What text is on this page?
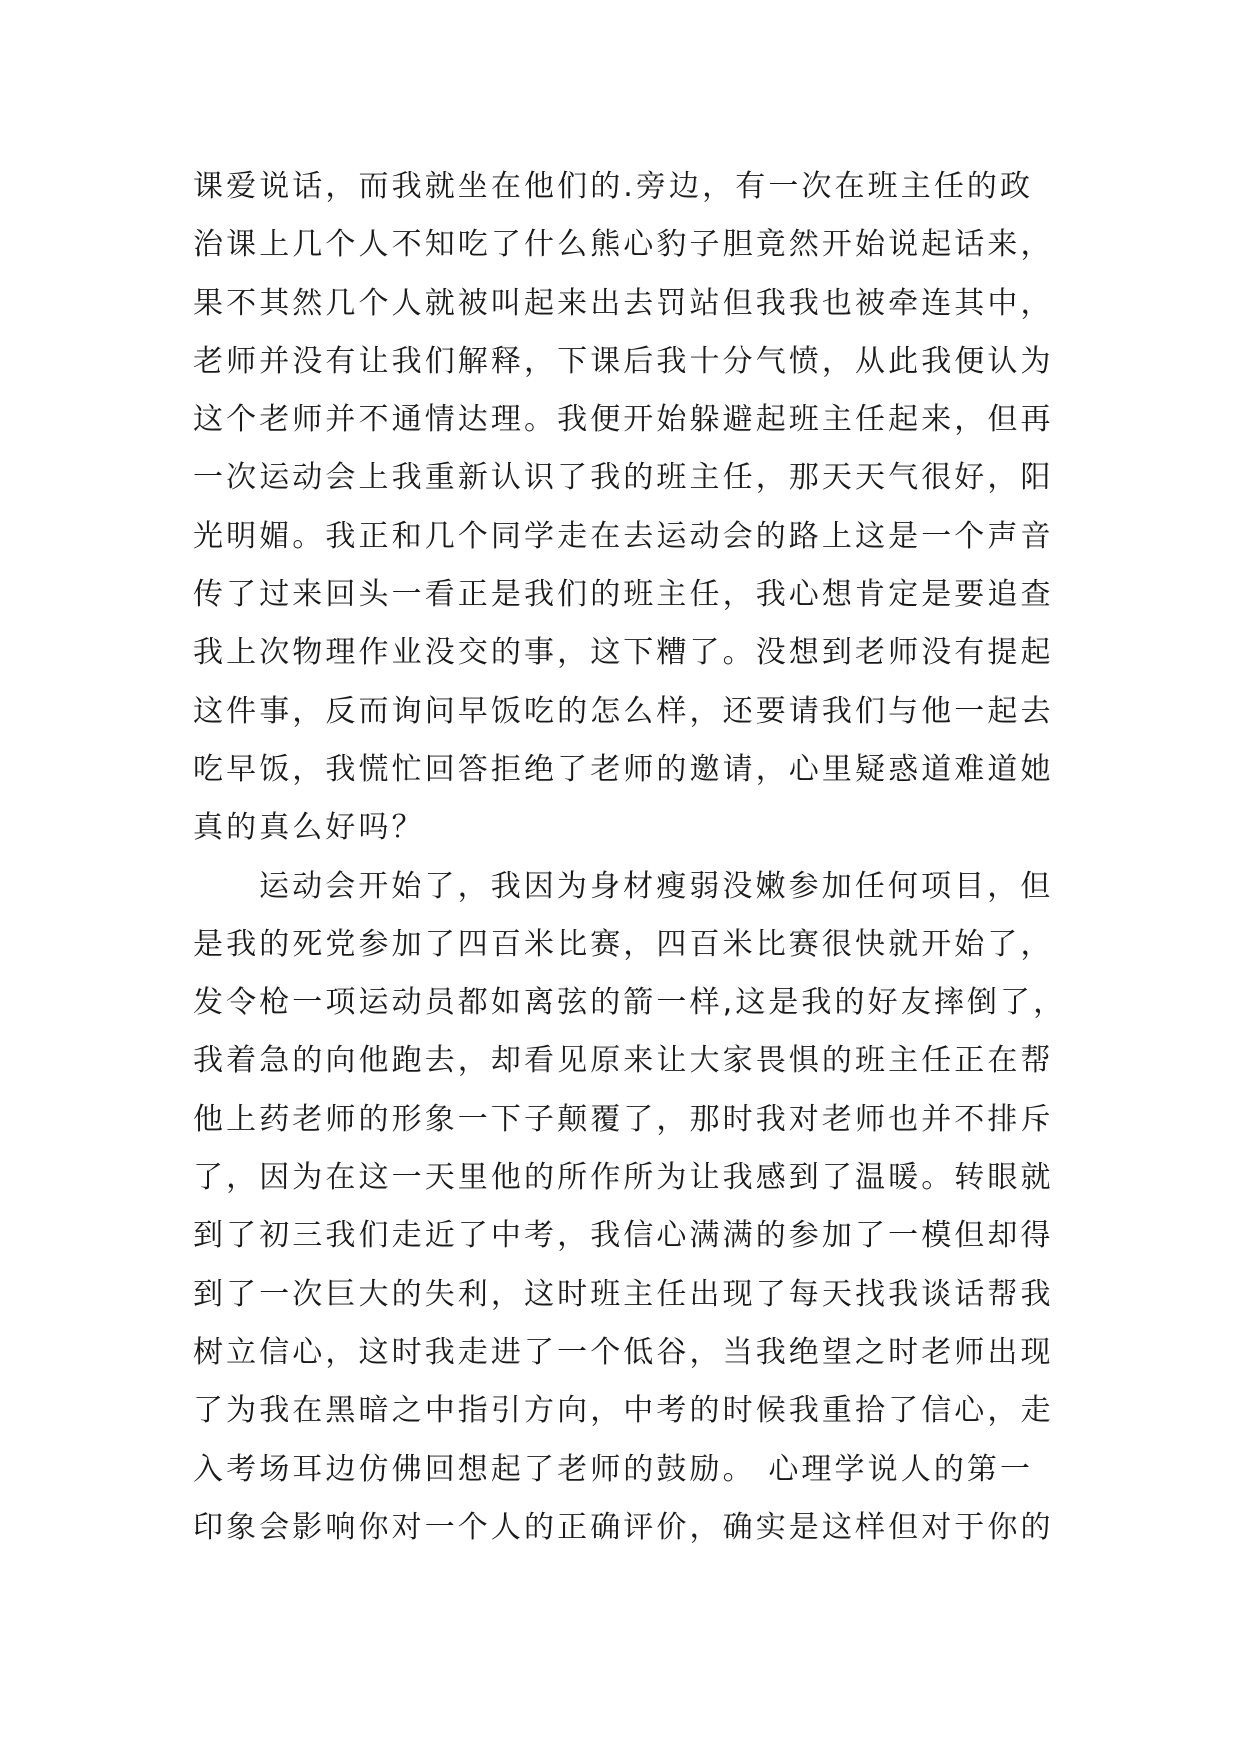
课爱说话，而我就坐在他们的.旁边，有一次在班主任的政
治课上几个人不知吃了什么熊心豹子胆竟然开始说起话来，
果不其然几个人就被叫起来出去罚站但我我也被牵连其中，
老师并没有让我们解释，下课后我十分气愤，从此我便认为
这个老师并不通情达理。我便开始躲避起班主任起来，但再
一次运动会上我重新认识了我的班主任，那天天气很好，阳
光明媚。我正和几个同学走在去运动会的路上这是一个声音
传了过来回头一看正是我们的班主任，我心想肯定是要追查
我上次物理作业没交的事，这下糟了。没想到老师没有提起
这件事，反而询问早饭吃的怎么样，还要请我们与他一起去
吃早饭，我慌忙回答拒绝了老师的邀请，心里疑惑道难道她
真的真么好吗？
运动会开始了，我因为身材瘦弱没嫩参加任何项目，但
是我的死党参加了四百米比赛，四百米比赛很快就开始了，
发令枪一项运动员都如离弦的箭一样,这是我的好友摔倒了，
我着急的向他跑去，却看见原来让大家畏惧的班主任正在帮
他上药老师的形象一下子颠覆了，那时我对老师也并不排斥
了，因为在这一天里他的所作所为让我感到了温暖。转眼就
到了初三我们走近了中考，我信心满满的参加了一模但却得
到了一次巨大的失利，这时班主任出现了每天找我谈话帮我
树立信心，这时我走进了一个低谷，当我绝望之时老师出现
了为我在黑暗之中指引方向，中考的时候我重拾了信心，走
入考场耳边仿佛回想起了老师的鼓励。 心理学说人的第一
印象会影响你对一个人的正确评价，确实是这样但对于你的
